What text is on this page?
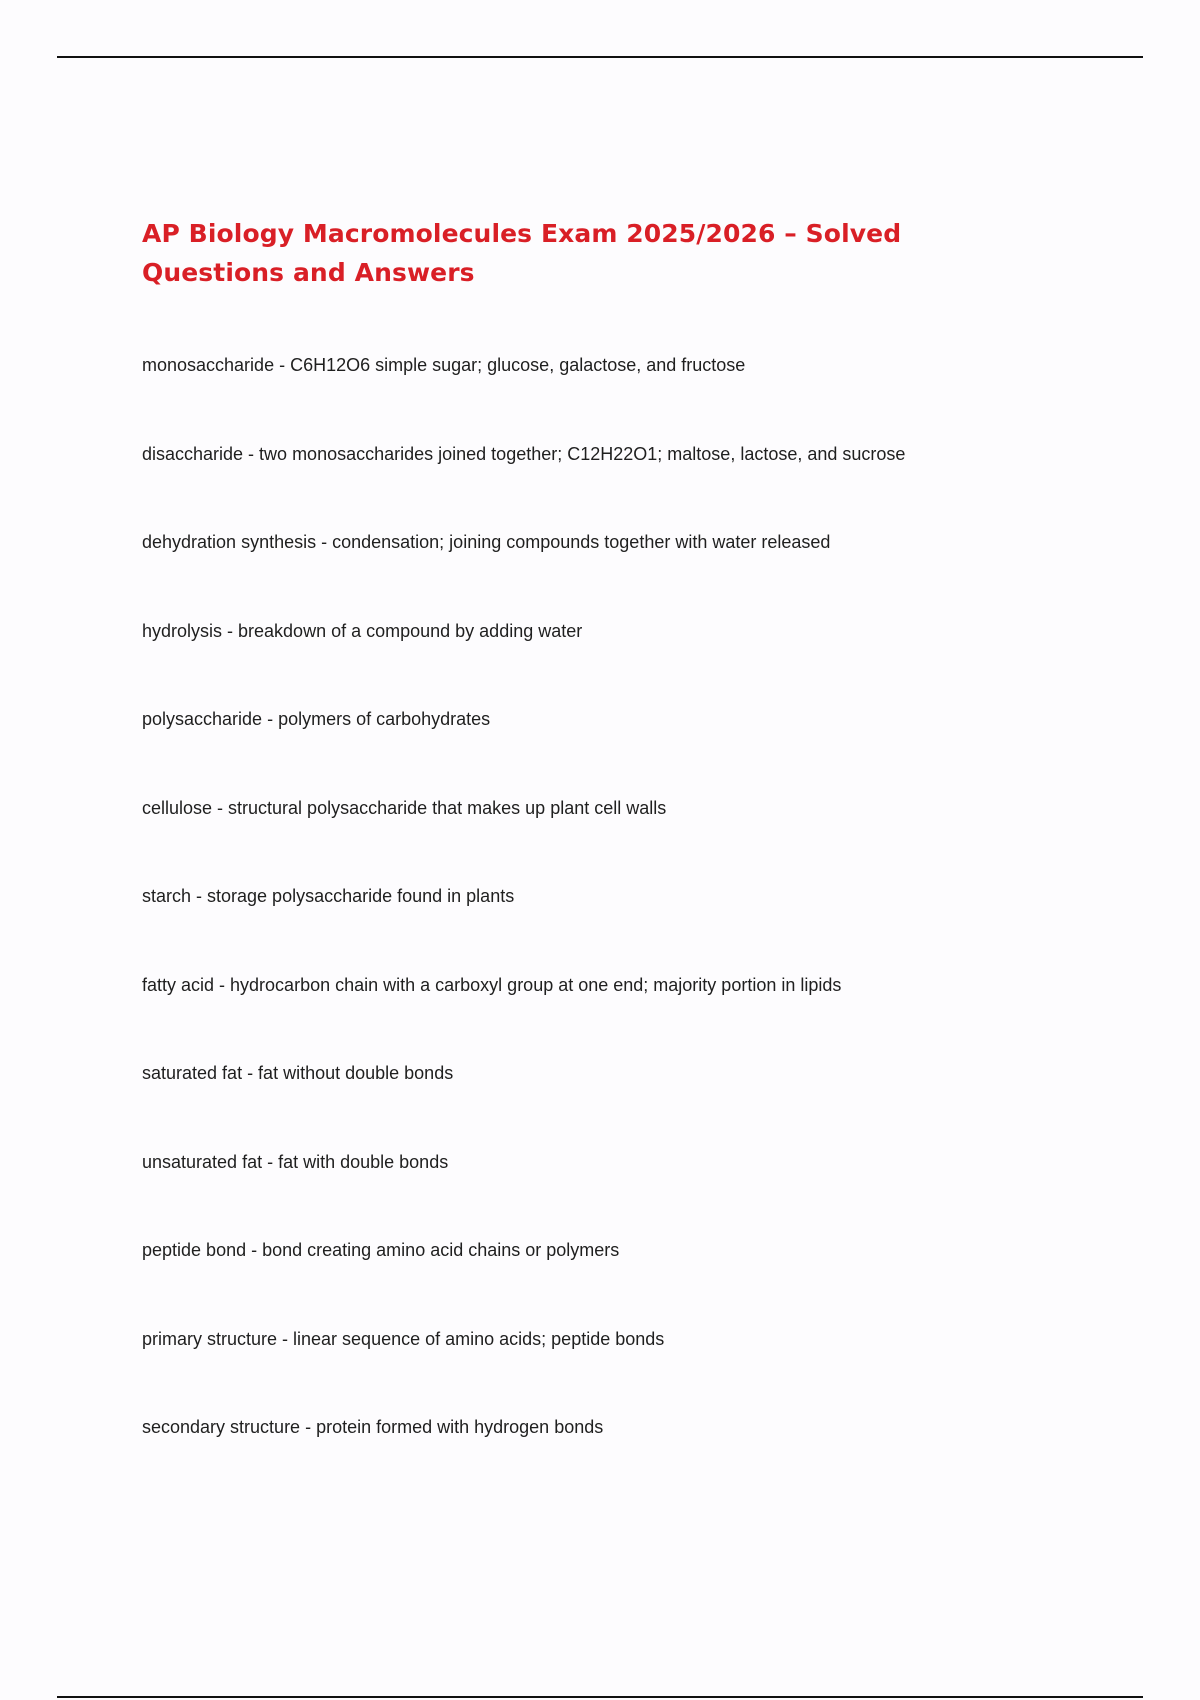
AP Biology Macromolecules Exam 2025/2026 – Solved Questions and Answers
monosaccharide - C6H12O6 simple sugar; glucose, galactose, and fructose
disaccharide - two monosaccharides joined together; C12H22O1; maltose, lactose, and sucrose
dehydration synthesis - condensation; joining compounds together with water released
hydrolysis - breakdown of a compound by adding water
polysaccharide - polymers of carbohydrates
cellulose - structural polysaccharide that makes up plant cell walls
starch - storage polysaccharide found in plants
fatty acid - hydrocarbon chain with a carboxyl group at one end; majority portion in lipids
saturated fat - fat without double bonds
unsaturated fat - fat with double bonds
peptide bond - bond creating amino acid chains or polymers
primary structure - linear sequence of amino acids; peptide bonds
secondary structure - protein formed with hydrogen bonds
